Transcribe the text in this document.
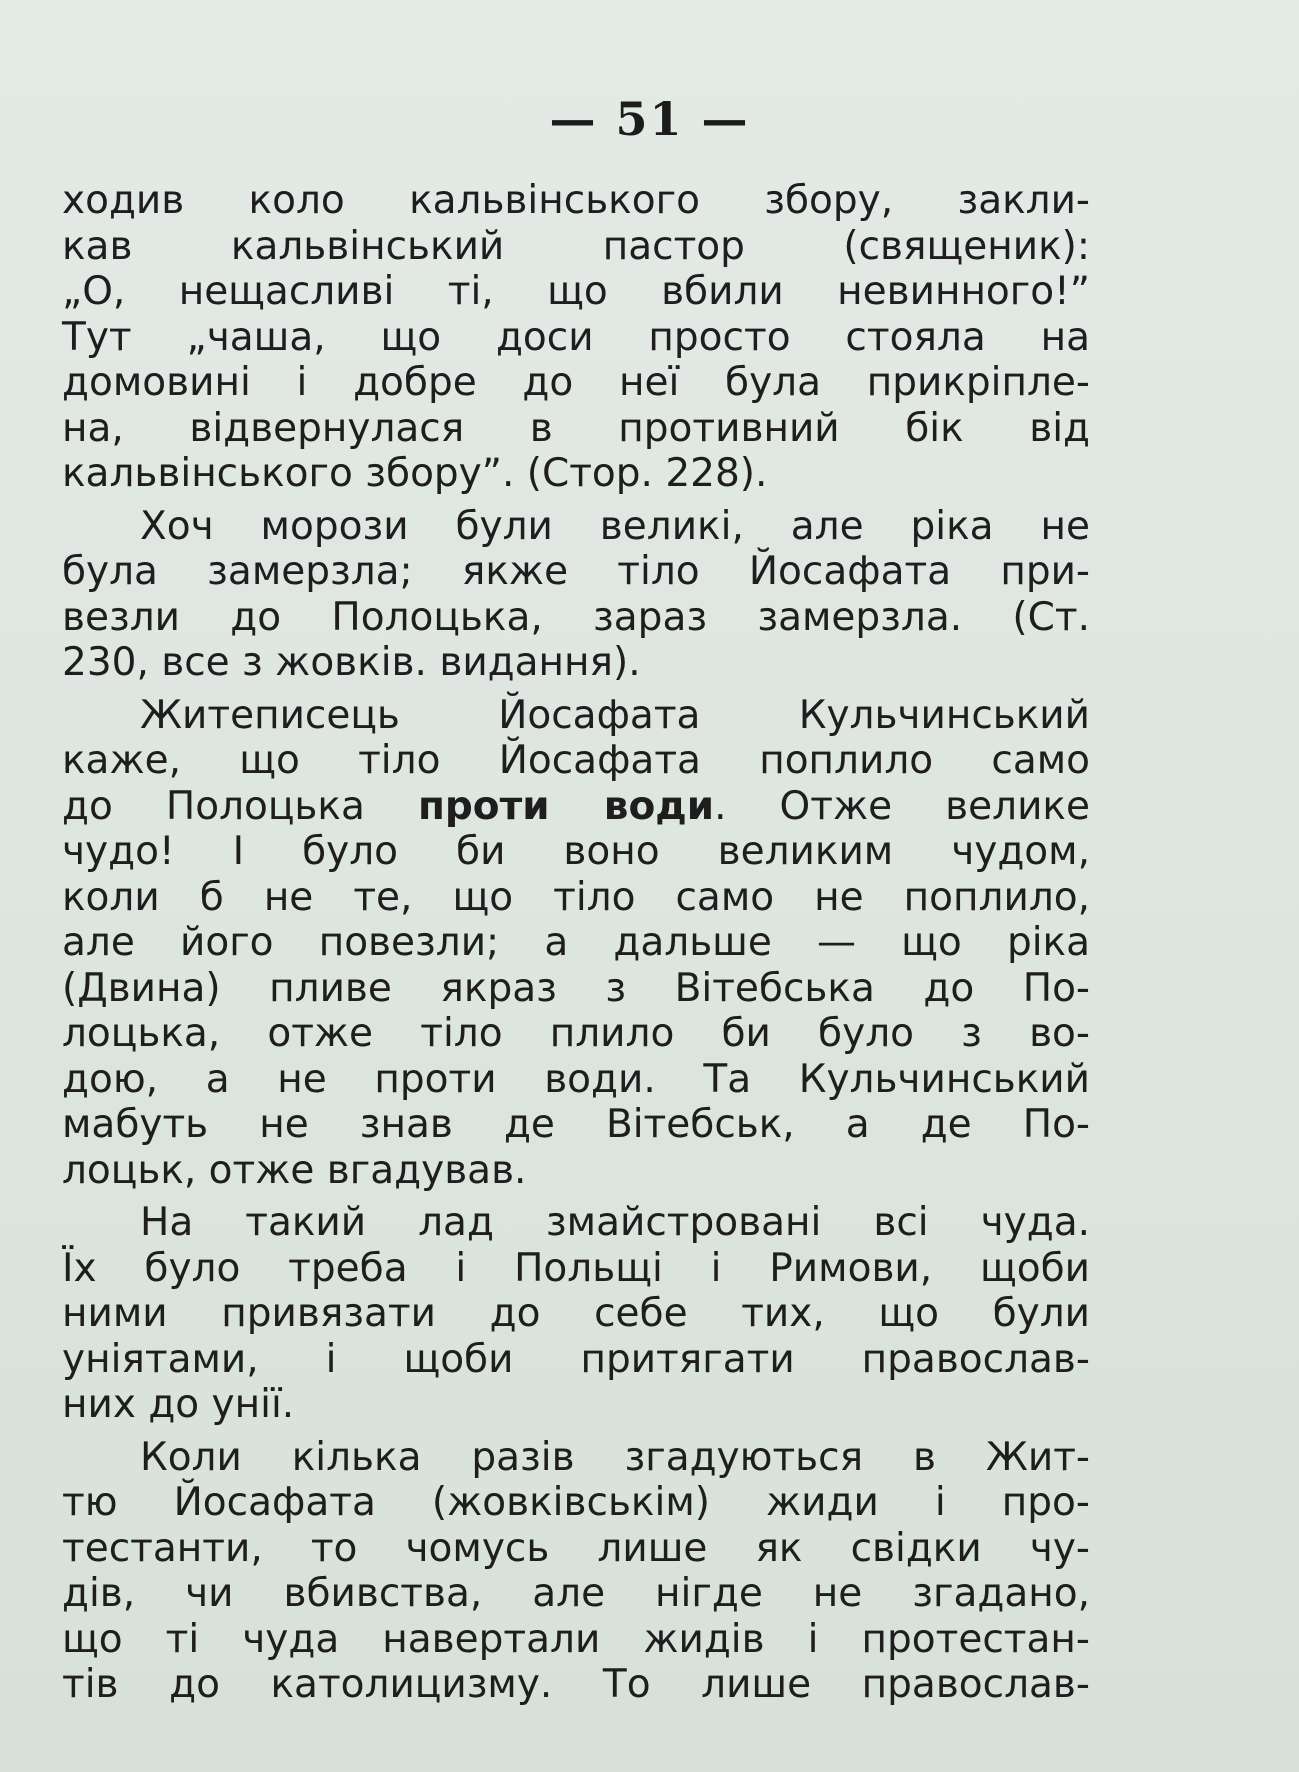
— 51 —
ходив коло кальвінського збору, закли-
кав кальвінський пастор (священик):
„О, нещасливі ті, що вбили невинного!”
Тут „чаша, що доси просто стояла на
домовині і добре до неї була прикріпле-
на, відвернулася в противний бік від
кальвінського збору”. (Стор. 228).
Хоч морози були великі, але ріка не
була замерзла; якже тіло Йосафата при-
везли до Полоцька, зараз замерзла. (Ст.
230, все з жовків. видання).
Житеписець Йосафата Кульчинський
каже, що тіло Йосафата поплило само
до Полоцька проти води. Отже велике
чудо! І було би воно великим чудом,
коли б не те, що тіло само не поплило,
але його повезли; а дальше — що ріка
(Двина) пливе якраз з Вітебська до По-
лоцька, отже тіло плило би було з во-
дою, а не проти води. Та Кульчинський
мабуть не знав де Вітебськ, а де По-
лоцьк, отже вгадував.
На такий лад змайстровані всі чуда.
Їх було треба і Польщі і Римови, щоби
ними привязати до себе тих, що були
уніятами, і щоби притягати православ-
них до унії.
Коли кілька разів згадуються в Жит-
тю Йосафата (жовківськім) жиди і про-
тестанти, то чомусь лише як свідки чу-
дів, чи вбивства, але нігде не згадано,
що ті чуда навертали жидів і протестан-
тів до католицизму. То лише православ-
